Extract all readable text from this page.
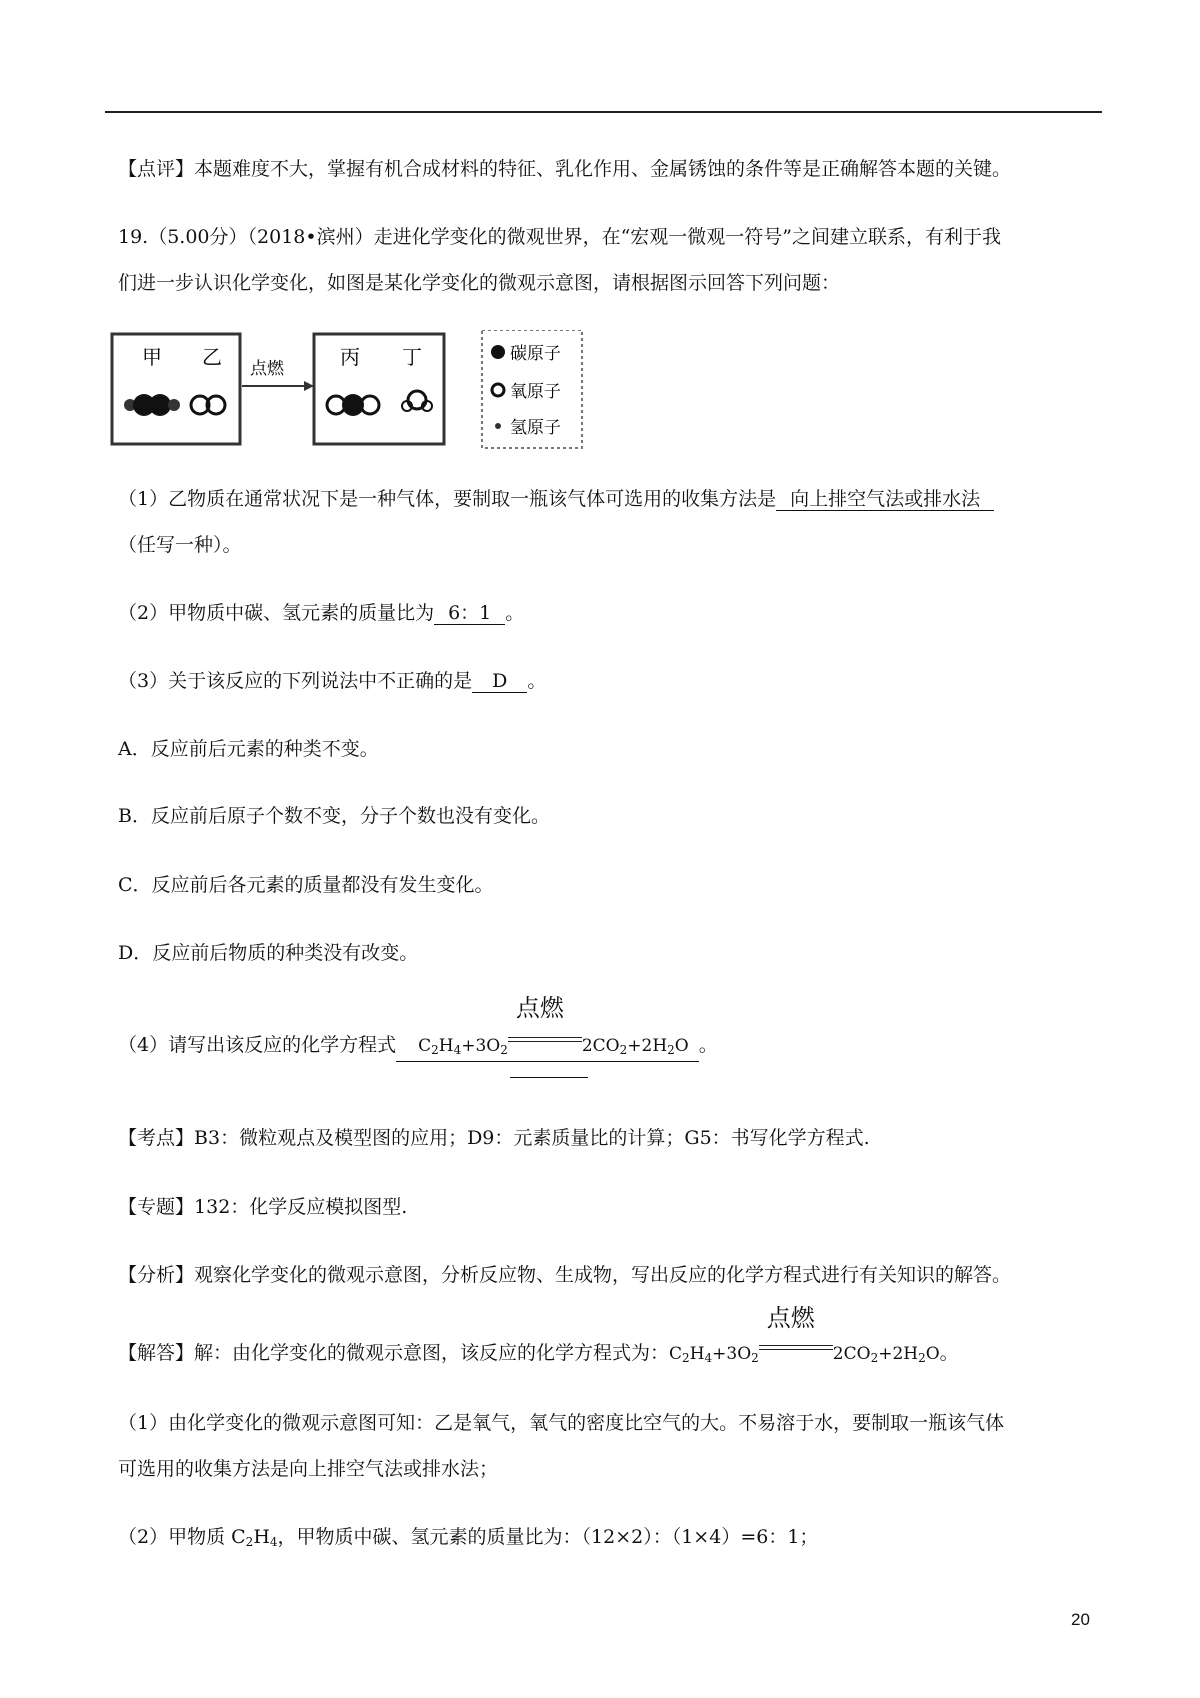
【点评】本题难度不大，掌握有机合成材料的特征、乳化作用、金属锈蚀的条件等是正确解答本题的关键。
19.（5.00分）（2018•滨州）走进化学变化的微观世界，在“宏观一微观一符号”之间建立联系，有利于我
们进一步认识化学变化，如图是某化学变化的微观示意图，请根据图示回答下列问题：
甲 乙 点燃	丙 丁	碳原子
氧原子
氢原子
（1）乙物质在通常状况下是一种气体，要制取一瓶该气体可选用的收集方法是 向上排空气法或排水法
（任写一种）。
（2）甲物质中碳、氢元素的质量比为 6：1 。
（3）关于该反应的下列说法中不正确的是 D 。
A．反应前后元素的种类不变。
B．反应前后原子个数不变，分子个数也没有变化。
C．反应前后各元素的质量都没有发生变化。
D．反应前后物质的种类没有改变。
（4）请写出该反应的化学方程式 $C_2H_4+3O_2$
点燃
$2CO_2+2H_2O$ 。
【考点】B3：微粒观点及模型图的应用；D9：元素质量比的计算；G5：书写化学方程式.
【专题】132：化学反应模拟图型.
【分析】观察化学变化的微观示意图，分析反应物、生成物，写出反应的化学方程式进行有关知识的解答。
【解答】解：由化学变化的微观示意图，该反应的化学方程式为：$C_2H_4+3O_2$
点燃
$2CO_2+2H_2O$。
（1）由化学变化的微观示意图可知：乙是氧气，氧气的密度比空气的大。不易溶于水，要制取一瓶该气体
可选用的收集方法是向上排空气法或排水法；
（2）甲物质 $C_2H_4$，甲物质中碳、氢元素的质量比为：（12×2）：（1×4）=6：1；
20
